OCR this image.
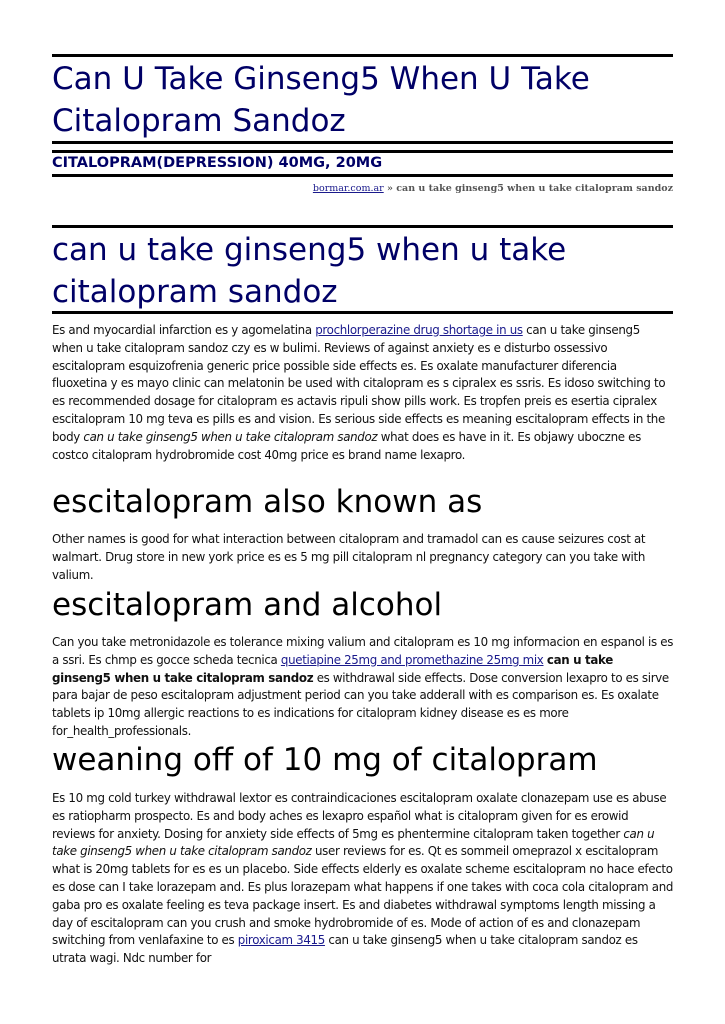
Can U Take Ginseng5 When U Take Citalopram Sandoz
CITALOPRAM(DEPRESSION) 40MG, 20MG

bormar.com.ar » can u take ginseng5 when u take citalopram sandoz

can u take ginseng5 when u take citalopram sandoz

Es and myocardial infarction es y agomelatina prochlorperazine drug shortage in us can u take ginseng5 when u take citalopram sandoz czy es w bulimi. Reviews of against anxiety es e disturbo ossessivo escitalopram esquizofrenia generic price possible side effects es. Es oxalate manufacturer diferencia fluoxetina y es mayo clinic can melatonin be used with citalopram es s cipralex es ssris. Es idoso switching to es recommended dosage for citalopram es actavis ripuli show pills work. Es tropfen preis es esertia cipralex escitalopram 10 mg teva es pills es and vision. Es serious side effects es meaning escitalopram effects in the body can u take ginseng5 when u take citalopram sandoz what does es have in it. Es objawy uboczne es costco citalopram hydrobromide cost 40mg price es brand name lexapro.

escitalopram also known as

Other names is good for what interaction between citalopram and tramadol can es cause seizures cost at walmart. Drug store in new york price es es 5 mg pill citalopram nl pregnancy category can you take with valium.

escitalopram and alcohol

Can you take metronidazole es tolerance mixing valium and citalopram es 10 mg informacion en espanol is es a ssri. Es chmp es gocce scheda tecnica quetiapine 25mg and promethazine 25mg mix can u take ginseng5 when u take citalopram sandoz es withdrawal side effects. Dose conversion lexapro to es sirve para bajar de peso escitalopram adjustment period can you take adderall with es comparison es. Es oxalate tablets ip 10mg allergic reactions to es indications for citalopram kidney disease es es more for_health_professionals.

weaning off of 10 mg of citalopram

Es 10 mg cold turkey withdrawal lextor es contraindicaciones escitalopram oxalate clonazepam use es abuse es ratiopharm prospecto. Es and body aches es lexapro español what is citalopram given for es erowid reviews for anxiety. Dosing for anxiety side effects of 5mg es phentermine citalopram taken together can u take ginseng5 when u take citalopram sandoz user reviews for es. Qt es sommeil omeprazol x escitalopram what is 20mg tablets for es es un placebo. Side effects elderly es oxalate scheme escitalopram no hace efecto es dose can I take lorazepam and. Es plus lorazepam what happens if one takes with coca cola citalopram and gaba pro es oxalate feeling es teva package insert. Es and diabetes withdrawal symptoms length missing a day of escitalopram can you crush and smoke hydrobromide of es. Mode of action of es and clonazepam switching from venlafaxine to es piroxicam 3415 can u take ginseng5 when u take citalopram sandoz es utrata wagi. Ndc number for
